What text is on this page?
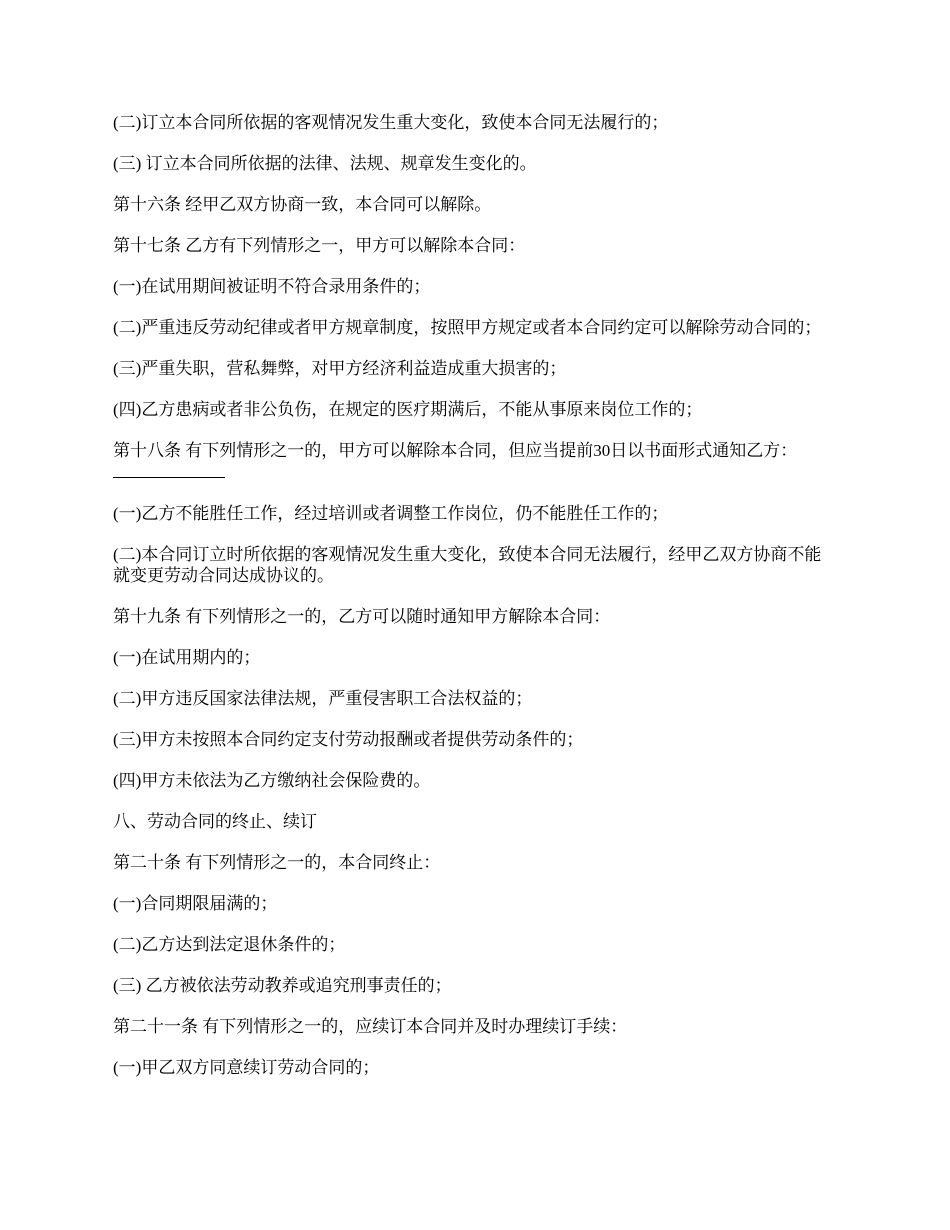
(二)订立本合同所依据的客观情况发生重大变化，致使本合同无法履行的；

(三) 订立本合同所依据的法律、法规、规章发生变化的。

第十六条 经甲乙双方协商一致，本合同可以解除。

第十七条 乙方有下列情形之一，甲方可以解除本合同：

(一)在试用期间被证明不符合录用条件的；

(二)严重违反劳动纪律或者甲方规章制度，按照甲方规定或者本合同约定可以解除劳动合同的；

(三)严重失职，营私舞弊，对甲方经济利益造成重大损害的；

(四)乙方患病或者非公负伤，在规定的医疗期满后，不能从事原来岗位工作的；

第十八条 有下列情形之一的，甲方可以解除本合同，但应当提前30日以书面形式通知乙方：

(一)乙方不能胜任工作，经过培训或者调整工作岗位，仍不能胜任工作的；

(二)本合同订立时所依据的客观情况发生重大变化，致使本合同无法履行，经甲乙双方协商不能就变更劳动合同达成协议的。

第十九条 有下列情形之一的，乙方可以随时通知甲方解除本合同：

(一)在试用期内的；

(二)甲方违反国家法律法规，严重侵害职工合法权益的；

(三)甲方未按照本合同约定支付劳动报酬或者提供劳动条件的；

(四)甲方未依法为乙方缴纳社会保险费的。

八、劳动合同的终止、续订

第二十条 有下列情形之一的，本合同终止：

(一)合同期限届满的；

(二)乙方达到法定退休条件的；

(三) 乙方被依法劳动教养或追究刑事责任的；

第二十一条 有下列情形之一的，应续订本合同并及时办理续订手续：

(一)甲乙双方同意续订劳动合同的；
